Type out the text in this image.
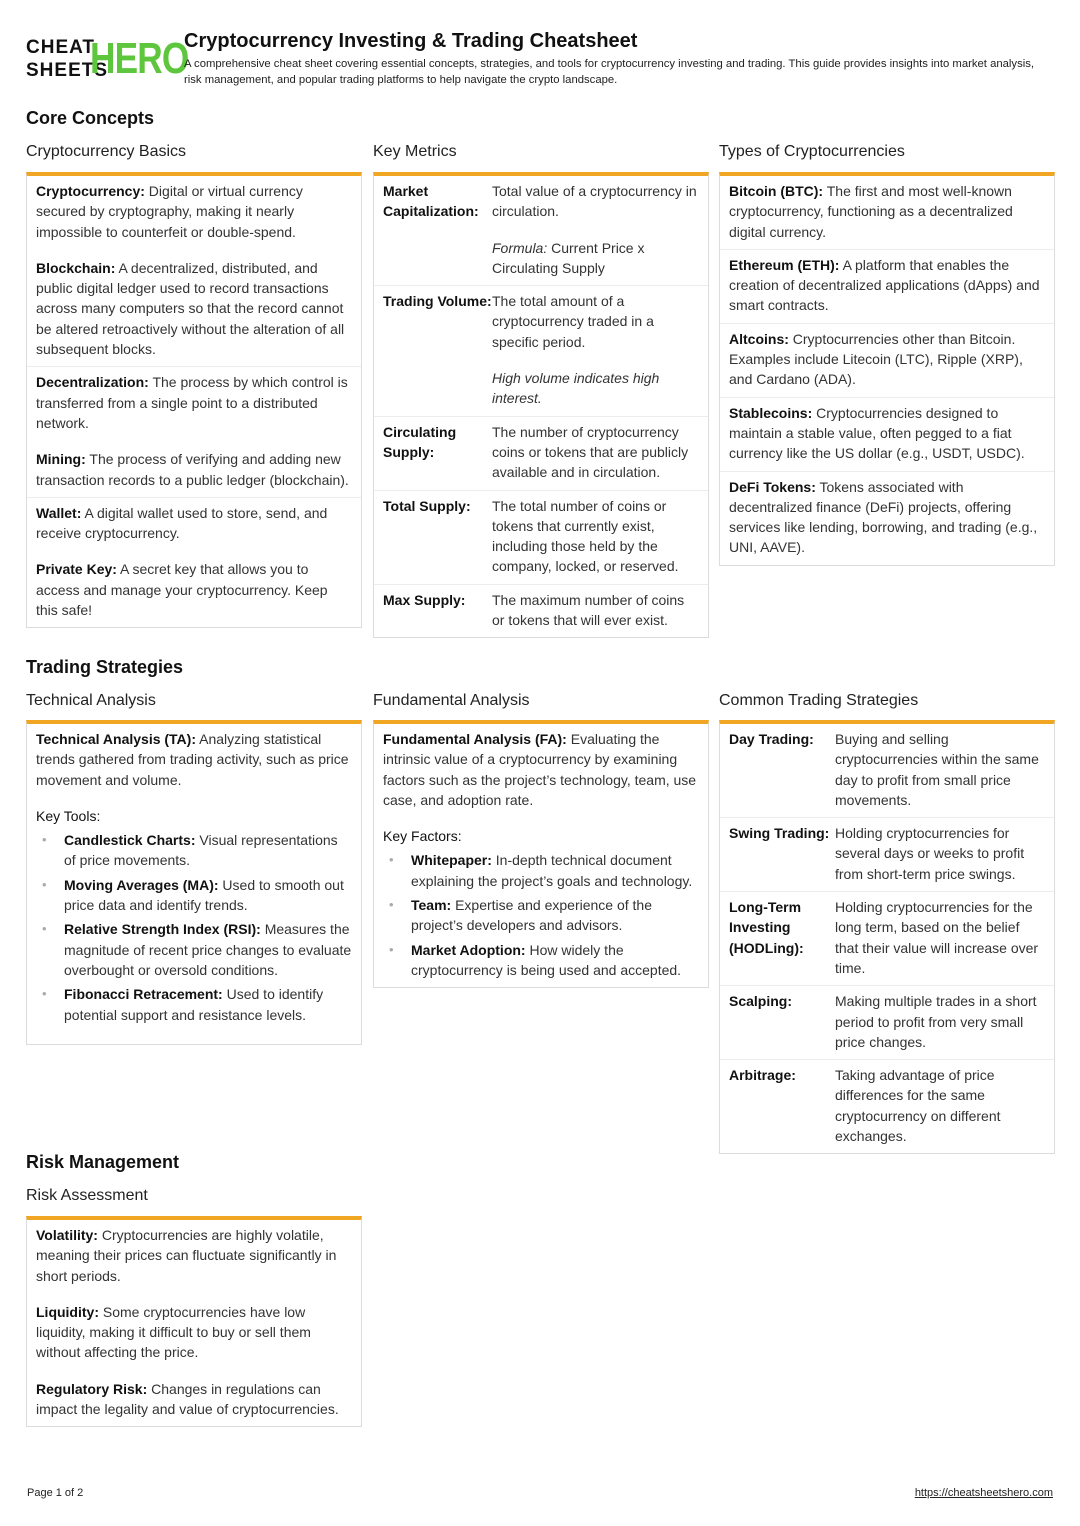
CHEAT
SHEETS
HERO
Cryptocurrency Investing & Trading Cheatsheet
A comprehensive cheat sheet covering essential concepts, strategies, and tools for cryptocurrency investing and trading. This guide provides insights into market analysis, risk management, and popular trading platforms to help navigate the crypto landscape.
Core Concepts
Cryptocurrency Basics

Cryptocurrency: Digital or virtual currency secured by cryptography, making it nearly impossible to counterfeit or double-spend.

Blockchain: A decentralized, distributed, and public digital ledger used to record transactions across many computers so that the record cannot be altered retroactively without the alteration of all subsequent blocks.

Decentralization: The process by which control is transferred from a single point to a distributed network.

Mining: The process of verifying and adding new transaction records to a public ledger (blockchain).

Wallet: A digital wallet used to store, send, and receive cryptocurrency.

Private Key: A secret key that allows you to access and manage your cryptocurrency. Keep this safe!

Key Metrics
Market Capitalization:

Total value of a cryptocurrency in circulation.

Formula: Current Price x Circulating Supply

Trading Volume: The total amount of a cryptocurrency traded in a specific period.

High volume indicates high interest.

Circulating Supply:

The number of cryptocurrency coins or tokens that are publicly available and in circulation.

Total Supply:	The total number of coins or tokens that currently exist, including those held by the company, locked, or reserved.

Max Supply:	The maximum number of coins or tokens that will ever exist.

Types of Cryptocurrencies

Bitcoin (BTC): The first and most well-known cryptocurrency, functioning as a decentralized digital currency.

Ethereum (ETH): A platform that enables the creation of decentralized applications (dApps) and smart contracts.

Altcoins: Cryptocurrencies other than Bitcoin. Examples include Litecoin (LTC), Ripple (XRP), and Cardano (ADA).

Stablecoins: Cryptocurrencies designed to maintain a stable value, often pegged to a fiat currency like the US dollar (e.g., USDT, USDC).

DeFi Tokens: Tokens associated with decentralized finance (DeFi) projects, offering services like lending, borrowing, and trading (e.g., UNI, AAVE).

Trading Strategies
Technical Analysis

Technical Analysis (TA): Analyzing statistical trends gathered from trading activity, such as price movement and volume.

Key Tools:
• Candlestick Charts: Visual representations of price movements.
• Moving Averages (MA): Used to smooth out price data and identify trends.
• Relative Strength Index (RSI): Measures the magnitude of recent price changes to evaluate overbought or oversold conditions.
• Fibonacci Retracement: Used to identify potential support and resistance levels.
Fundamental Analysis

Fundamental Analysis (FA): Evaluating the intrinsic value of a cryptocurrency by examining factors such as the project’s technology, team, use case, and adoption rate.

Key Factors:
• Whitepaper: In-depth technical document explaining the project’s goals and technology.
• Team: Expertise and experience of the project’s developers and advisors.
• Market Adoption: How widely the cryptocurrency is being used and accepted.
Common Trading Strategies
Day Trading:	Buying and selling cryptocurrencies within the same day to profit from small price movements.
Swing Trading: Holding cryptocurrencies for several days or weeks to profit from short-term price swings.
Long-Term Investing (HODLing):
Holding cryptocurrencies for the long term, based on the belief that their value will increase over time.
Scalping:	Making multiple trades in a short period to profit from very small price changes.
Arbitrage:	Taking advantage of price differences for the same cryptocurrency on different exchanges.
Risk Management
Risk Assessment

Volatility: Cryptocurrencies are highly volatile, meaning their prices can fluctuate significantly in short periods.

Liquidity: Some cryptocurrencies have low liquidity, making it difficult to buy or sell them without affecting the price.

Regulatory Risk: Changes in regulations can impact the legality and value of cryptocurrencies.

Page 1 of 2	https://cheatsheetshero.com
